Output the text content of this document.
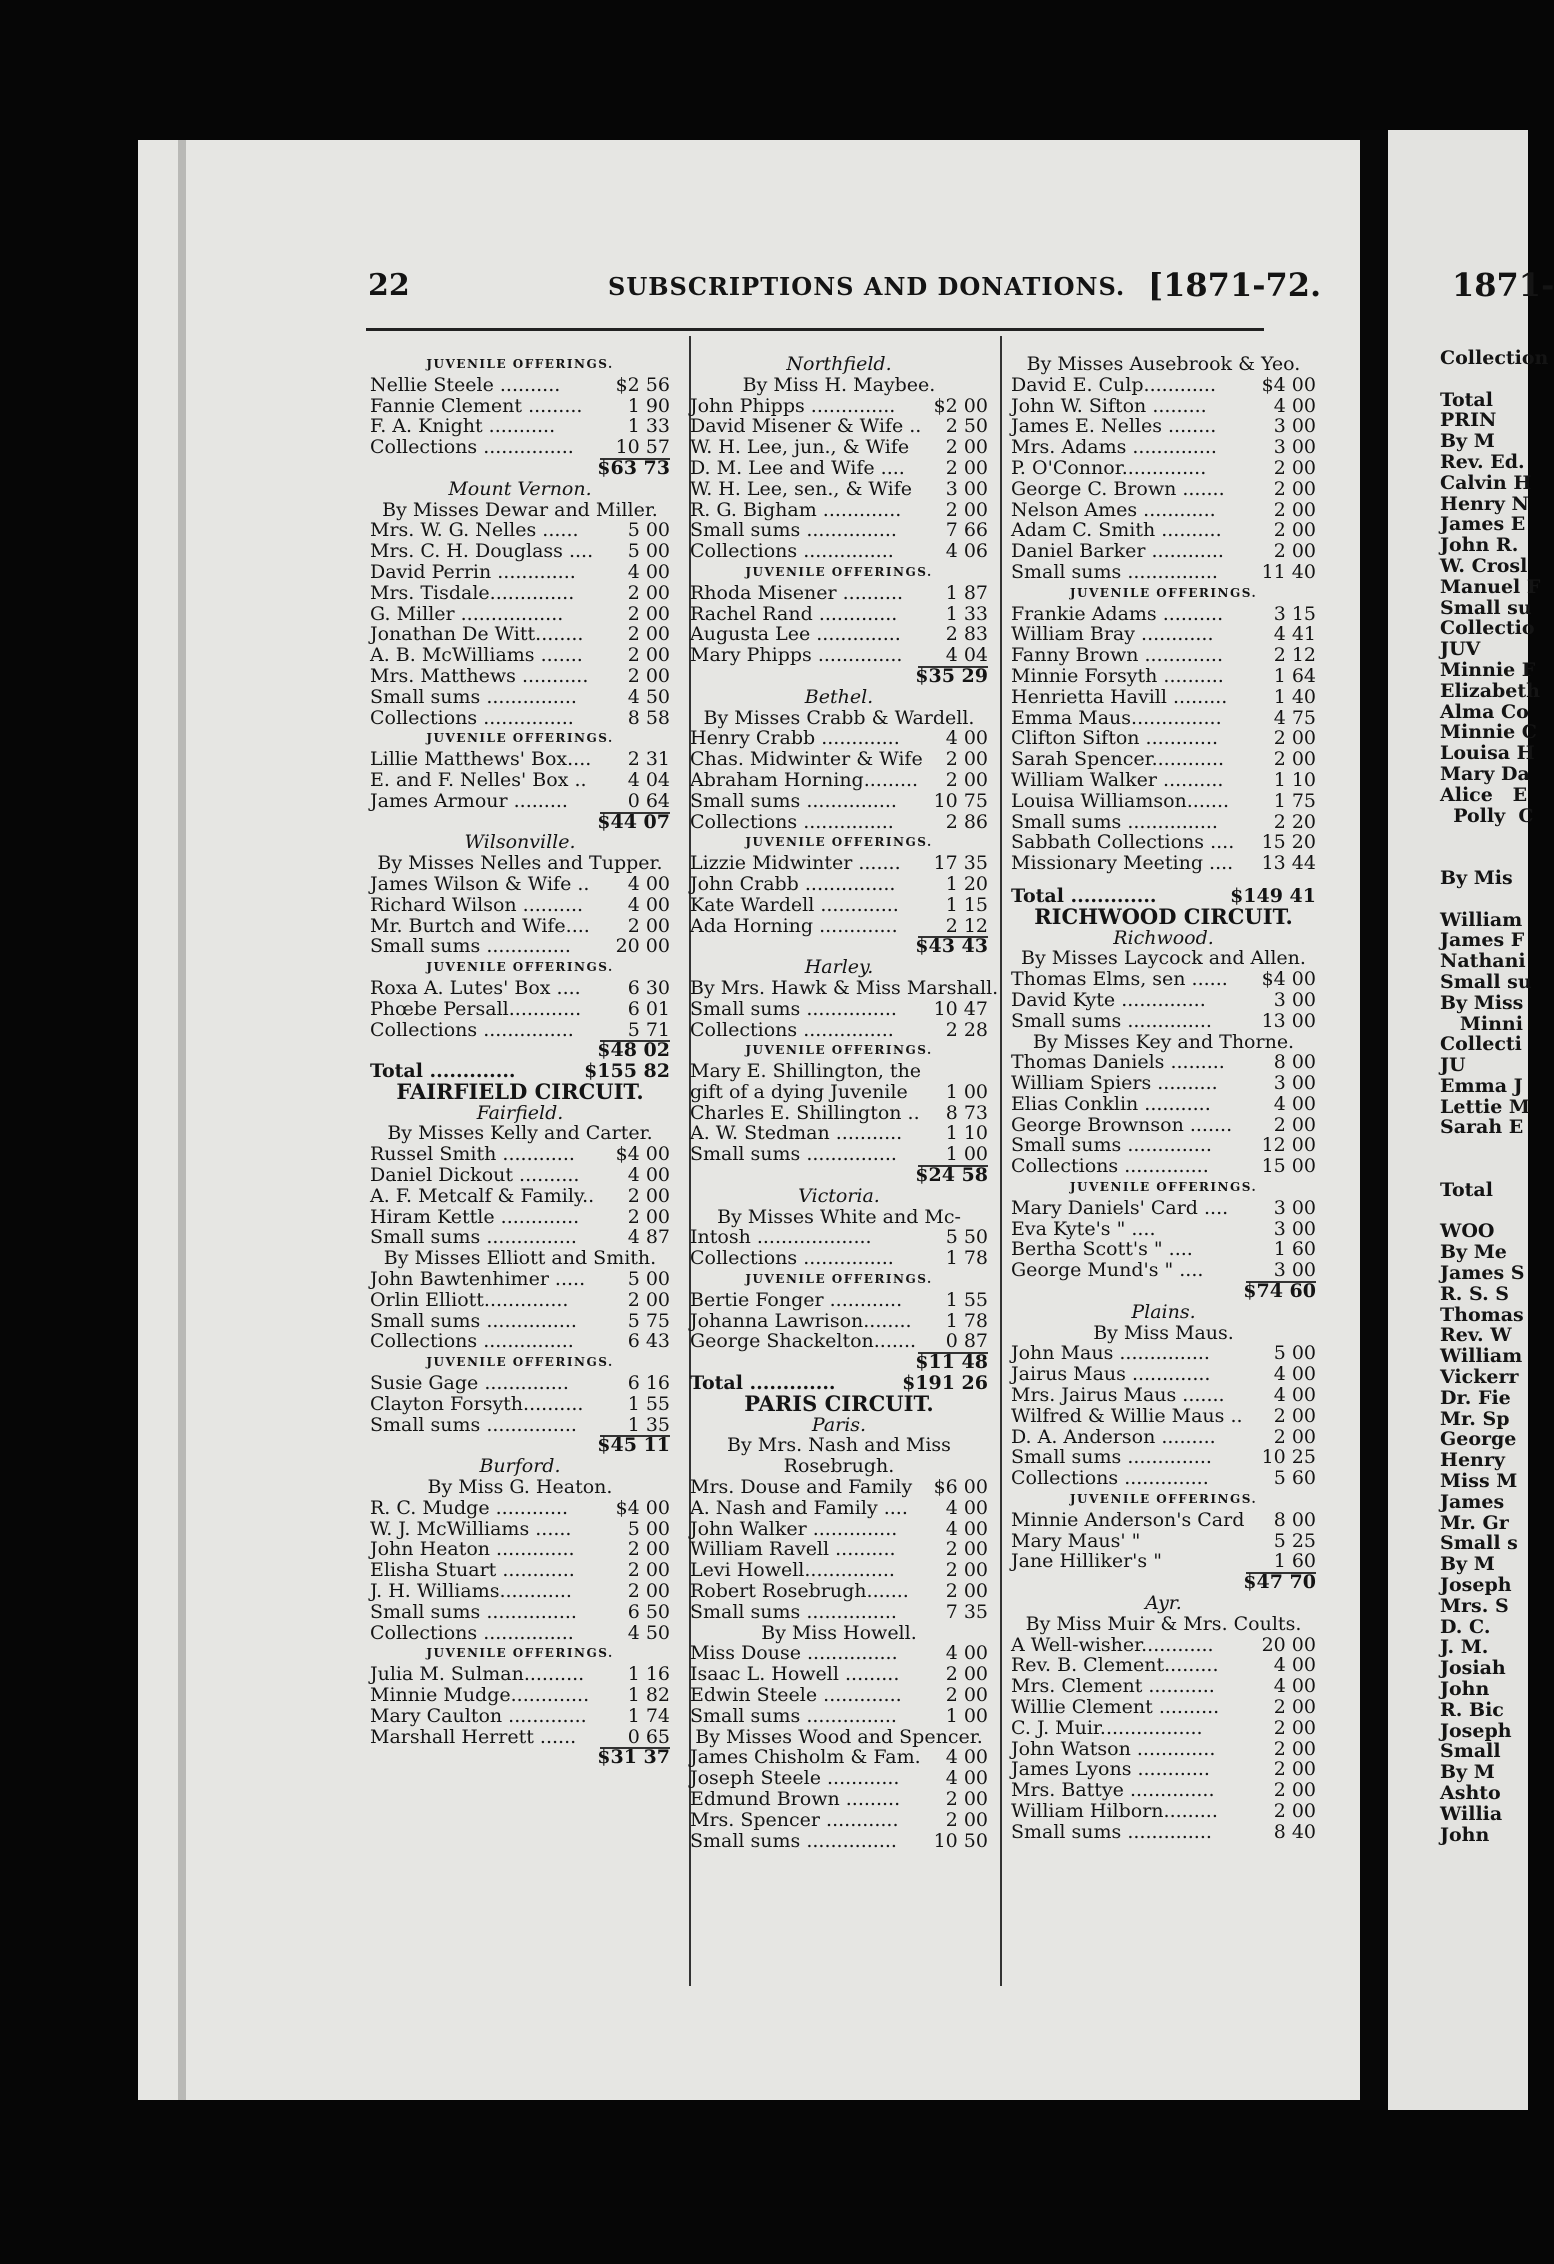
1871-
Collection
Total
PRIN
By M
Rev. Ed.
Calvin H
Henry N
James E
John R.
W. Crosl
Manuel F
Small su
Collectio
JUV
Minnie F
Elizabeth
Alma Co
Minnie C
Louisa H
Mary Da
Alice   E
Polly  C
By Mis
William
James F
Nathani
Small su
By Miss
Minni
Collecti
JU
Emma J
Lettie M
Sarah E
Total
WOO
By Me
James S
R. S. S
Thomas
Rev. W
William
Vickerr
Dr. Fie
Mr. Sp
George
Henry
Miss M
James
Mr. Gr
Small s
By M
Joseph
Mrs. S
D. C.
J. M.
Josiah
John
R. Bic
Joseph
Small
By M
Ashto
Willia
John
22	SUBSCRIPTIONS AND DONATIONS. [1871-72.
JUVENILE OFFERINGS.
Nellie Steele ..........	$2 56
Fannie Clement ......... 1 90
F. A. Knight ...........	1 33
Collections ............... 10 57
$63 73
Mount Vernon.
By Misses Dewar and Miller.
Mrs. W. G. Nelles ......	5 00
Mrs. C. H. Douglass .... 5 00
David Perrin .............	4 00
Mrs. Tisdale..............	2 00
G. Miller .................	2 00
Jonathan De Witt........ 2 00
A. B. McWilliams ....... 2 00
Mrs. Matthews ........... 2 00
Small sums ...............	4 50
Collections ...............	8 58
JUVENILE OFFERINGS.
Lillie Matthews' Box.... 2 31
E. and F. Nelles' Box .. 4 04
James Armour .........	0 64
$44 07
Wilsonville.
By Misses Nelles and Tupper.
James Wilson & Wife .. 4 00
Richard Wilson .......... 4 00
Mr. Burtch and Wife.... 2 00
Small sums .............. 20 00
JUVENILE OFFERINGS.
Roxa A. Lutes' Box .... 6 30
Phœbe Persall............ 6 01
Collections ...............	5 71
$48 02
Total .............	$155 82
FAIRFIELD CIRCUIT.
Fairfield.
By Misses Kelly and Carter.
Russel Smith ............ $4 00
Daniel Dickout ..........	4 00
A. F. Metcalf & Family.. 2 00
Hiram Kettle .............	2 00
Small sums ...............	4 87
By Misses Elliott and Smith.
John Bawtenhimer ..... 5 00
Orlin Elliott..............	2 00
Small sums ...............	5 75
Collections ...............	6 43
JUVENILE OFFERINGS.
Susie Gage ..............	6 16
Clayton Forsyth.......... 1 55
Small sums ...............	1 35
$45 11
Burford.
By Miss G. Heaton.
R. C. Mudge ............ $4 00
W. J. McWilliams ......	5 00
John Heaton .............	2 00
Elisha Stuart ............	2 00
J. H. Williams............	2 00
Small sums ...............	6 50
Collections ...............	4 50
JUVENILE OFFERINGS.
Julia M. Sulman.......... 1 16
Minnie Mudge............. 1 82
Mary Caulton ............. 1 74
Marshall Herrett ......	0 65
$31 37
Northfield.
By Miss H. Maybee.
John Phipps .............. $2 00
David Misener & Wife .. 2 50
W. H. Lee, jun., & Wife 2 00
D. M. Lee and Wife .... 2 00
W. H. Lee, sen., & Wife 3 00
R. G. Bigham ............. 2 00
Small sums ...............	7 66
Collections ...............	4 06
JUVENILE OFFERINGS.
Rhoda Misener .......... 1 87
Rachel Rand .............	1 33
Augusta Lee .............. 2 83
Mary Phipps .............. 4 04
$35 29
Bethel.
By Misses Crabb & Wardell.
Henry Crabb ............. 4 00
Chas. Midwinter & Wife 2 00
Abraham Horning......... 2 00
Small sums ............... 10 75
Collections ...............	2 86
JUVENILE OFFERINGS.
Lizzie Midwinter ....... 17 35
John Crabb ...............	1 20
Kate Wardell ............. 1 15
Ada Horning .............	2 12
$43 43
Harley.
By Mrs. Hawk & Miss Marshall.
Small sums ............... 10 47
Collections ...............	2 28
JUVENILE OFFERINGS.
Mary E. Shillington, the
gift of a dying Juvenile 1 00
Charles E. Shillington .. 8 73
A. W. Stedman ........... 1 10
Small sums ...............	1 00
$24 58
Victoria.
By Misses White and Mc-
Intosh ...................	5 50
Collections ...............	1 78
JUVENILE OFFERINGS.
Bertie Fonger ............ 1 55
Johanna Lawrison........ 1 78
George Shackelton....... 0 87
$11 48
Total .............	$191 26
PARIS CIRCUIT.
Paris.
By Mrs. Nash and Miss
Rosebrugh.
Mrs. Douse and Family $6 00
A. Nash and Family .... 4 00
John Walker ..............	4 00
William Ravell ..........	2 00
Levi Howell...............	2 00
Robert Rosebrugh....... 2 00
Small sums ...............	7 35
By Miss Howell.
Miss Douse ...............	4 00
Isaac L. Howell ......... 2 00
Edwin Steele ............. 2 00
Small sums ...............	1 00
By Misses Wood and Spencer.
James Chisholm & Fam. 4 00
Joseph Steele ............ 4 00
Edmund Brown ......... 2 00
Mrs. Spencer ............ 2 00
Small sums ............... 10 50
By Misses Ausebrook & Yeo.
David E. Culp............ $4 00
John W. Sifton .........	4 00
James E. Nelles ........	3 00
Mrs. Adams ..............	3 00
P. O'Connor..............	2 00
George C. Brown .......	2 00
Nelson Ames ............	2 00
Adam C. Smith ..........	2 00
Daniel Barker ............	2 00
Small sums ............... 11 40
JUVENILE OFFERINGS.
Frankie Adams ..........	3 15
William Bray ............	4 41
Fanny Brown .............	2 12
Minnie Forsyth ..........	1 64
Henrietta Havill ......... 1 40
Emma Maus...............	4 75
Clifton Sifton ............	2 00
Sarah Spencer............	2 00
William Walker ..........	1 10
Louisa Williamson....... 1 75
Small sums ...............	2 20
Sabbath Collections .... 15 20
Missionary Meeting .... 13 44
Total .............	$149 41
RICHWOOD CIRCUIT.
Richwood.
By Misses Laycock and Allen.
Thomas Elms, sen ...... $4 00
David Kyte ..............	3 00
Small sums ..............	13 00
By Misses Key and Thorne.
Thomas Daniels .........	8 00
William Spiers ..........	3 00
Elias Conklin ...........	4 00
George Brownson ....... 2 00
Small sums ..............	12 00
Collections ..............	15 00
JUVENILE OFFERINGS.
Mary Daniels' Card .... 3 00
Eva Kyte's " ....	3 00
Bertha Scott's " ....	1 60
George Mund's " ....	3 00
$74 60
Plains.
By Miss Maus.
John Maus ...............	5 00
Jairus Maus .............	4 00
Mrs. Jairus Maus .......	4 00
Wilfred & Willie Maus .. 2 00
D. A. Anderson .........	2 00
Small sums ..............	10 25
Collections ..............	5 60
JUVENILE OFFERINGS.
Minnie Anderson's Card 8 00
Mary Maus' "	5 25
Jane Hilliker's "	1 60
$47 70
Ayr.
By Miss Muir & Mrs. Coults.
A Well-wisher............	20 00
Rev. B. Clement.........	4 00
Mrs. Clement ...........	4 00
Willie Clement ..........	2 00
C. J. Muir.................	2 00
John Watson .............	2 00
James Lyons ............	2 00
Mrs. Battye ..............	2 00
William Hilborn.........	2 00
Small sums ..............	8 40
